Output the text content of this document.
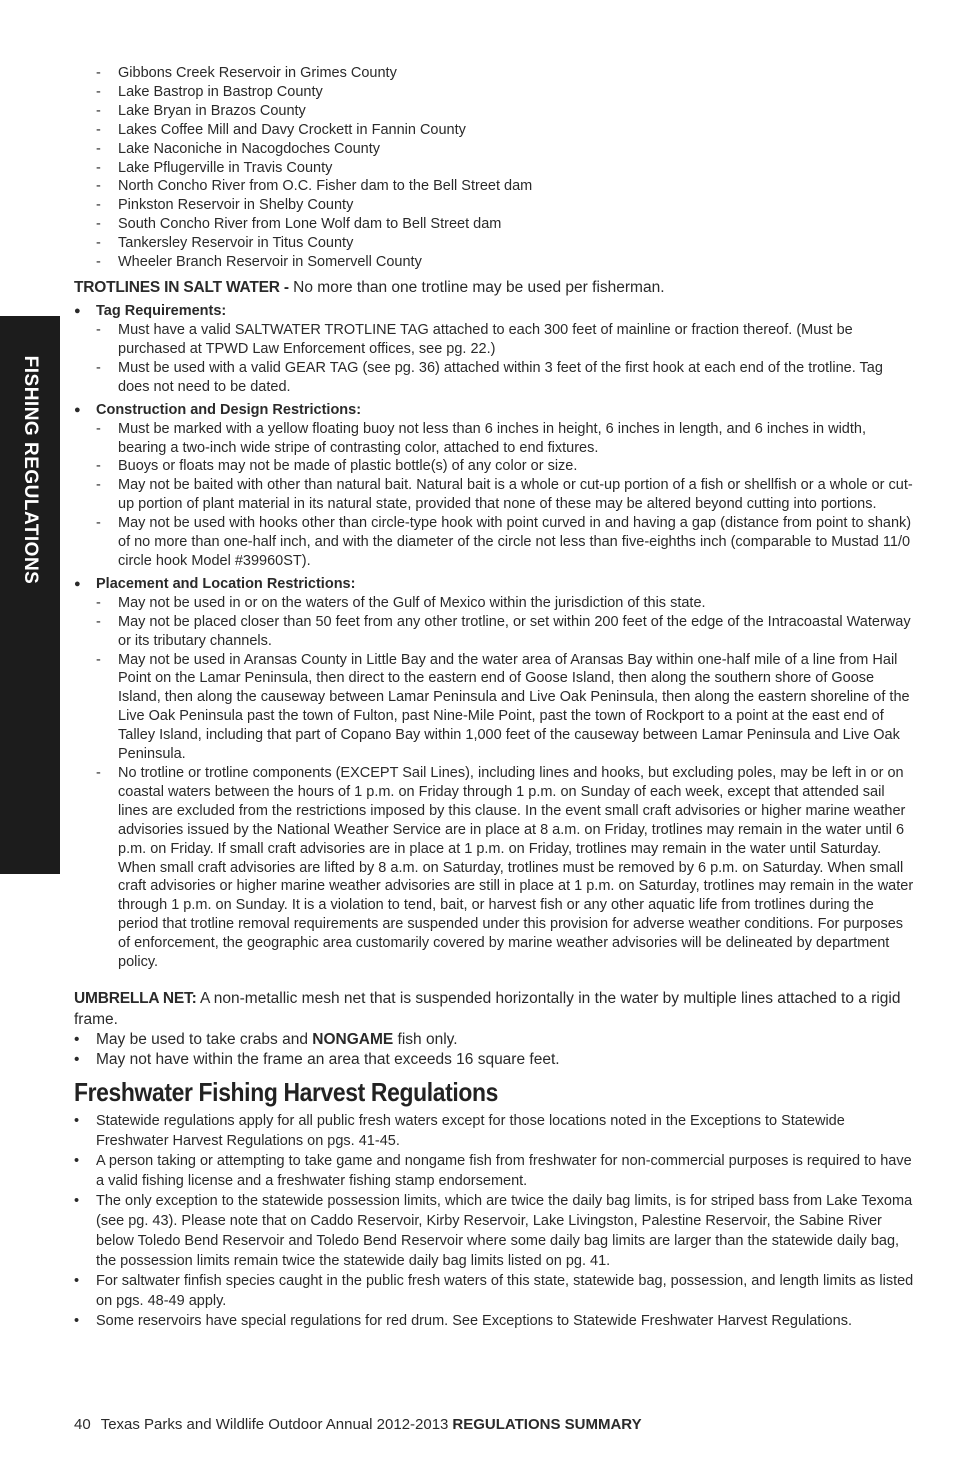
FISHING REGULATIONS
- Gibbons Creek Reservoir in Grimes County
- Lake Bastrop in Bastrop County
- Lake Bryan in Brazos County
- Lakes Coffee Mill and Davy Crockett in Fannin County
- Lake Naconiche in Nacogdoches County
- Lake Pflugerville in Travis County
- North Concho River from O.C. Fisher dam to the Bell Street dam
- Pinkston Reservoir in Shelby County
- South Concho River from Lone Wolf dam to Bell Street dam
- Tankersley Reservoir in Titus County
- Wheeler Branch Reservoir in Somervell County

TROTLINES IN SALT WATER - No more than one trotline may be used per fisherman.

● Tag Requirements:

- Must have a valid SALTWATER TROTLINE TAG attached to each 300 feet of mainline or fraction thereof. (Must be purchased at TPWD Law Enforcement offices, see pg. 22.)
- Must be used with a valid GEAR TAG (see pg. 36) attached within 3 feet of the first hook at each end of the trotline. Tag does not need to be dated.

● Construction and Design Restrictions:

- Must be marked with a yellow floating buoy not less than 6 inches in height, 6 inches in length, and 6 inches in width, bearing a two-inch wide stripe of contrasting color, attached to end fixtures.
- Buoys or floats may not be made of plastic bottle(s) of any color or size.
- May not be baited with other than natural bait. Natural bait is a whole or cut-up portion of a fish or shellfish or a whole or cut-up portion of plant material in its natural state, provided that none of these may be altered beyond cutting into portions.
- May not be used with hooks other than circle-type hook with point curved in and having a gap (distance from point to shank) of no more than one-half inch, and with the diameter of the circle not less than five-eighths inch (comparable to Mustad 11/0 circle hook Model #39960ST).

● Placement and Location Restrictions:

- May not be used in or on the waters of the Gulf of Mexico within the jurisdiction of this state.
- May not be placed closer than 50 feet from any other trotline, or set within 200 feet of the edge of the Intracoastal Waterway or its tributary channels.
- May not be used in Aransas County in Little Bay and the water area of Aransas Bay within one-half mile of a line from Hail Point on the Lamar Peninsula, then direct to the eastern end of Goose Island, then along the southern shore of Goose Island, then along the causeway between Lamar Peninsula and Live Oak Peninsula, then along the eastern shoreline of the Live Oak Peninsula past the town of Fulton, past Nine-Mile Point, past the town of Rockport to a point at the east end of Talley Island, including that part of Copano Bay within 1,000 feet of the causeway between Lamar Peninsula and Live Oak Peninsula.
- No trotline or trotline components (EXCEPT Sail Lines), including lines and hooks, but excluding poles, may be left in or on coastal waters between the hours of 1 p.m. on Friday through 1 p.m. on Sunday of each week, except that attended sail lines are excluded from the restrictions imposed by this clause. In the event small craft advisories or higher marine weather advisories issued by the National Weather Service are in place at 8 a.m. on Friday, trotlines may remain in the water until 6 p.m. on Friday. If small craft advisories are in place at 1 p.m. on Friday, trotlines may remain in the water until Saturday. When small craft advisories are lifted by 8 a.m. on Saturday, trotlines must be removed by 6 p.m. on Saturday. When small craft advisories or higher marine weather advisories are still in place at 1 p.m. on Saturday, trotlines may remain in the water through 1 p.m. on Sunday. It is a violation to tend, bait, or harvest fish or any other aquatic life from trotlines during the period that trotline removal requirements are suspended under this provision for adverse weather conditions. For purposes of enforcement, the geographic area customarily covered by marine weather advisories will be delineated by department policy.

UMBRELLA NET: A non-metallic mesh net that is suspended horizontally in the water by multiple lines attached to a rigid frame.

• May be used to take crabs and NONGAME fish only.
• May not have within the frame an area that exceeds 16 square feet.
Freshwater Fishing Harvest Regulations
• Statewide regulations apply for all public fresh waters except for those locations noted in the Exceptions to Statewide Freshwater Harvest Regulations on pgs. 41-45.
• A person taking or attempting to take game and nongame fish from freshwater for non-commercial purposes is required to have a valid fishing license and a freshwater fishing stamp endorsement.
• The only exception to the statewide possession limits, which are twice the daily bag limits, is for striped bass from Lake Texoma (see pg. 43). Please note that on Caddo Reservoir, Kirby Reservoir, Lake Livingston, Palestine Reservoir, the Sabine River below Toledo Bend Reservoir and Toledo Bend Reservoir where some daily bag limits are larger than the statewide daily bag, the possession limits remain twice the statewide daily bag limits listed on pg. 41.
• For saltwater finfish species caught in the public fresh waters of this state, statewide bag, possession, and length limits as listed on pgs. 48-49 apply.
• Some reservoirs have special regulations for red drum. See Exceptions to Statewide Freshwater Harvest Regulations.
40 Texas Parks and Wildlife Outdoor Annual 2012-2013 REGULATIONS SUMMARY
